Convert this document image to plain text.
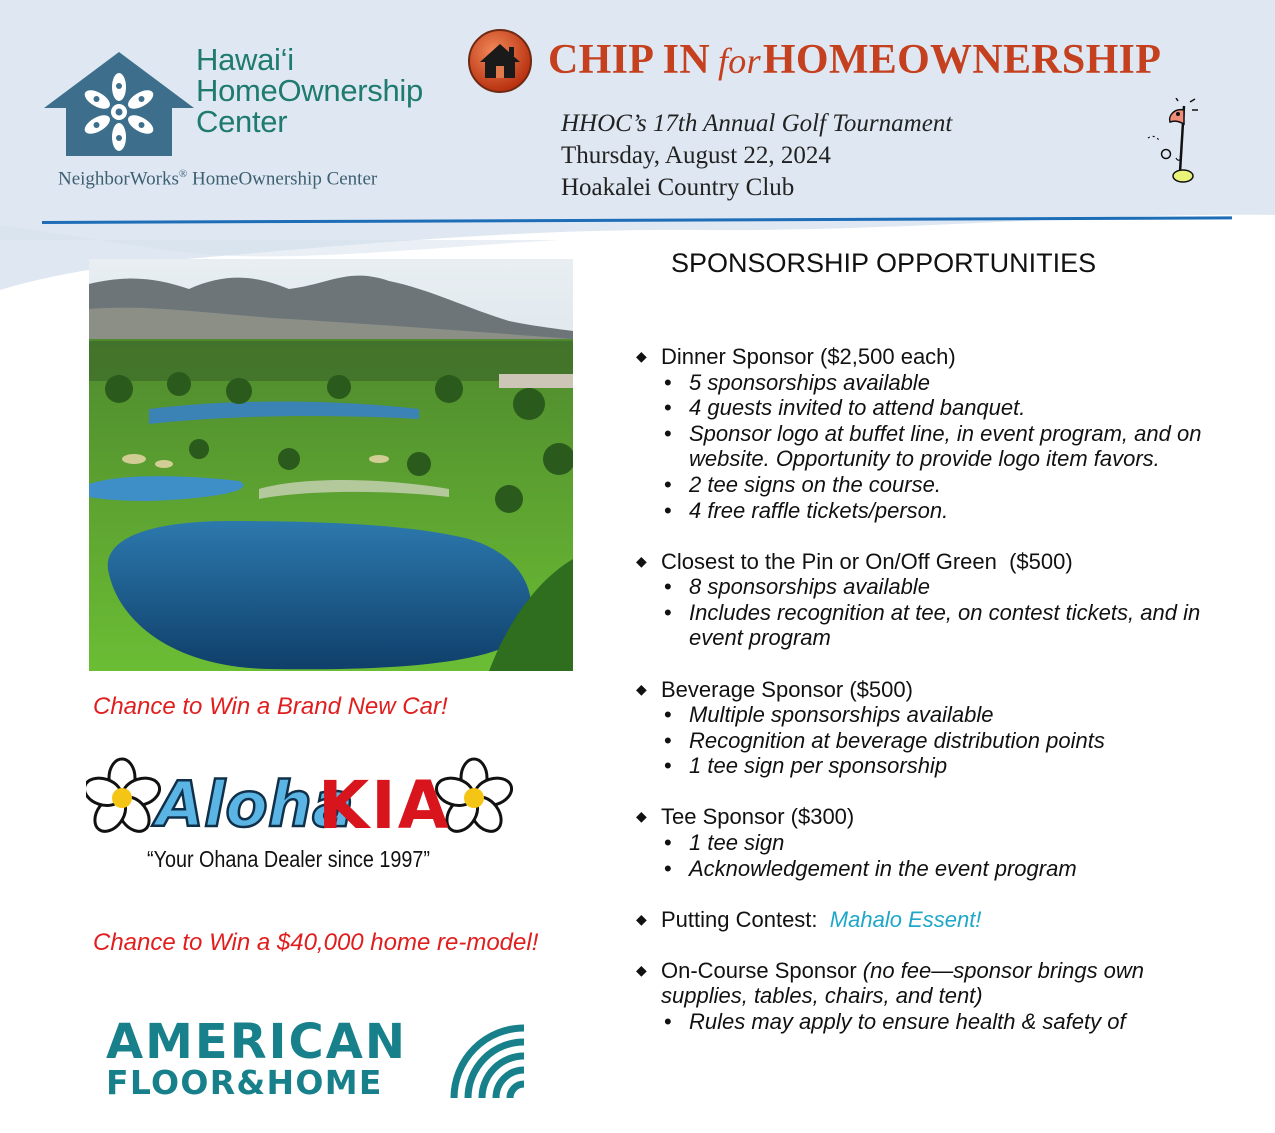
Hawai‘i
HomeOwnership
Center
NeighborWorks® HomeOwnership Center
CHIP IN forHOMEOWNERSHIP
HHOC’s 17th Annual Golf Tournament
Thursday, August 22, 2024
Hoakalei Country Club
Chance to Win a Brand New Car!
Aloha
KIA
“Your Ohana Dealer since 1997”
Chance to Win a $40,000 home re-model!
AMERICAN
FLOOR&HOME
SPONSORSHIP OPPORTUNITIES
◆ Dinner Sponsor ($2,500 each)
• 5 sponsorships available
• 4 guests invited to attend banquet.
• Sponsor logo at buffet line, in event program, and on website. Opportunity to provide logo item favors.
• 2 tee signs on the course.
• 4 free raffle tickets/person.
◆ Closest to the Pin or On/Off Green  ($500)
• 8 sponsorships available
• Includes recognition at tee, on contest tickets, and in event program
◆ Beverage Sponsor ($500)
• Multiple sponsorships available
• Recognition at beverage distribution points
• 1 tee sign per sponsorship
◆ Tee Sponsor ($300)
• 1 tee sign
• Acknowledgement in the event program
◆ Putting Contest: Mahalo Essent!
◆ On-Course Sponsor (no fee—sponsor brings own supplies, tables, chairs, and tent)
• Rules may apply to ensure health & safety of
